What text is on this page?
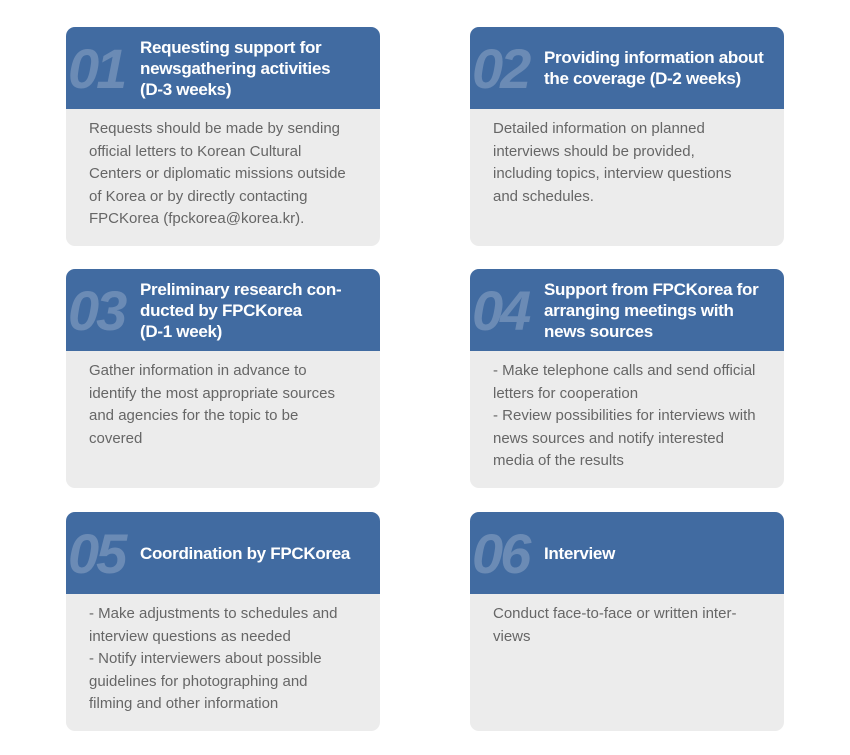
01 Requesting support for
newsgathering activities
(D-3 weeks)
Requests should be made by sending
official letters to Korean Cultural
Centers or diplomatic missions outside
of Korea or by directly contacting
FPCKorea (fpckorea@korea.kr).
02 Providing information about
the coverage (D-2 weeks)
Detailed information on planned
interviews should be provided,
including topics, interview questions
and schedules.
03 Preliminary research con-
ducted by FPCKorea
(D-1 week)
Gather information in advance to
identify the most appropriate sources
and agencies for the topic to be
covered
04 Support from FPCKorea for
arranging meetings with
news sources
- Make telephone calls and send official
letters for cooperation
- Review possibilities for interviews with
news sources and notify interested
media of the results
05 Coordination by FPCKorea
- Make adjustments to schedules and
interview questions as needed
- Notify interviewers about possible
guidelines for photographing and
filming and other information
06 Interview
Conduct face-to-face or written inter-
views
